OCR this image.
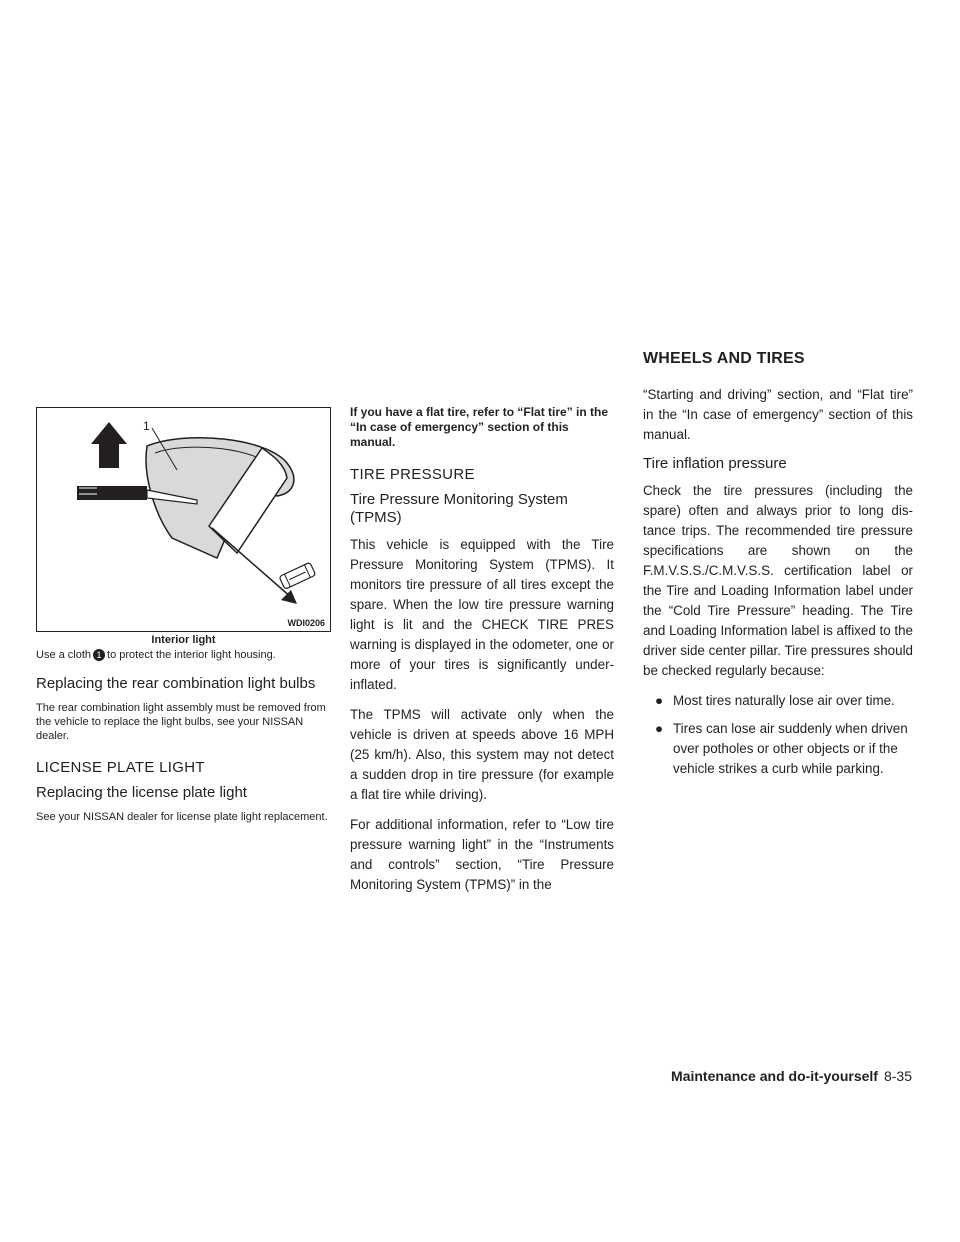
WHEELS AND TIRES
1
WDI0206
Interior light
Use a cloth 1 to protect the interior light housing.
Replacing the rear combination light bulbs

The rear combination light assembly must be removed from the vehicle to replace the light bulbs, see your NISSAN dealer.

LICENSE PLATE LIGHT
Replacing the license plate light

See your NISSAN dealer for license plate light replacement.

If you have a flat tire, refer to “Flat tire” in the “In case of emergency” section of this manual.

TIRE PRESSURE
Tire Pressure Monitoring System (TPMS)

This vehicle is equipped with the Tire Pressure Monitoring System (TPMS). It monitors tire pressure of all tires except the spare. When the low tire pressure warning light is lit and the CHECK TIRE PRES warning is displayed in the odometer, one or more of your tires is significantly under-inflated.

The TPMS will activate only when the vehicle is driven at speeds above 16 MPH (25 km/h). Also, this system may not detect a sudden drop in tire pressure (for example a flat tire while driving).

For additional information, refer to “Low tire pressure warning light” in the “Instruments and controls” section, “Tire Pressure Monitoring System (TPMS)” in the

“Starting and driving” section, and “Flat tire” in the “In case of emergency” section of this manual.

Tire inflation pressure

Check the tire pressures (including the spare) often and always prior to long distance trips. The recommended tire pressure specifications are shown on the F.M.V.S.S./C.M.V.S.S. certification label or the Tire and Loading Information label under the “Cold Tire Pressure” heading. The Tire and Loading Information label is affixed to the driver side center pillar. Tire pressures should be checked regularly because:

● Most tires naturally lose air over time.
● Tires can lose air suddenly when driven over potholes or other objects or if the vehicle strikes a curb while parking.
Maintenance and do-it-yourself 8-35
